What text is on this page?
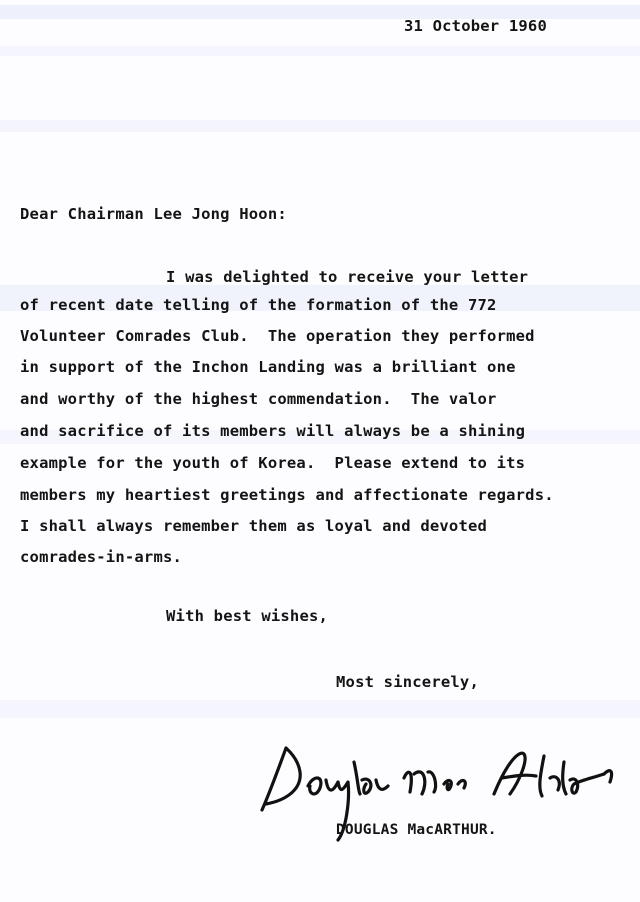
31 October 1960
Dear Chairman Lee Jong Hoon:
I was delighted to receive your letter
of recent date telling of the formation of the 772
Volunteer Comrades Club.  The operation they performed
in support of the Inchon Landing was a brilliant one
and worthy of the highest commendation.  The valor
and sacrifice of its members will always be a shining
example for the youth of Korea.  Please extend to its
members my heartiest greetings and affectionate regards.
I shall always remember them as loyal and devoted
comrades-in-arms.
With best wishes,
Most sincerely,
DOUGLAS MacARTHUR.
